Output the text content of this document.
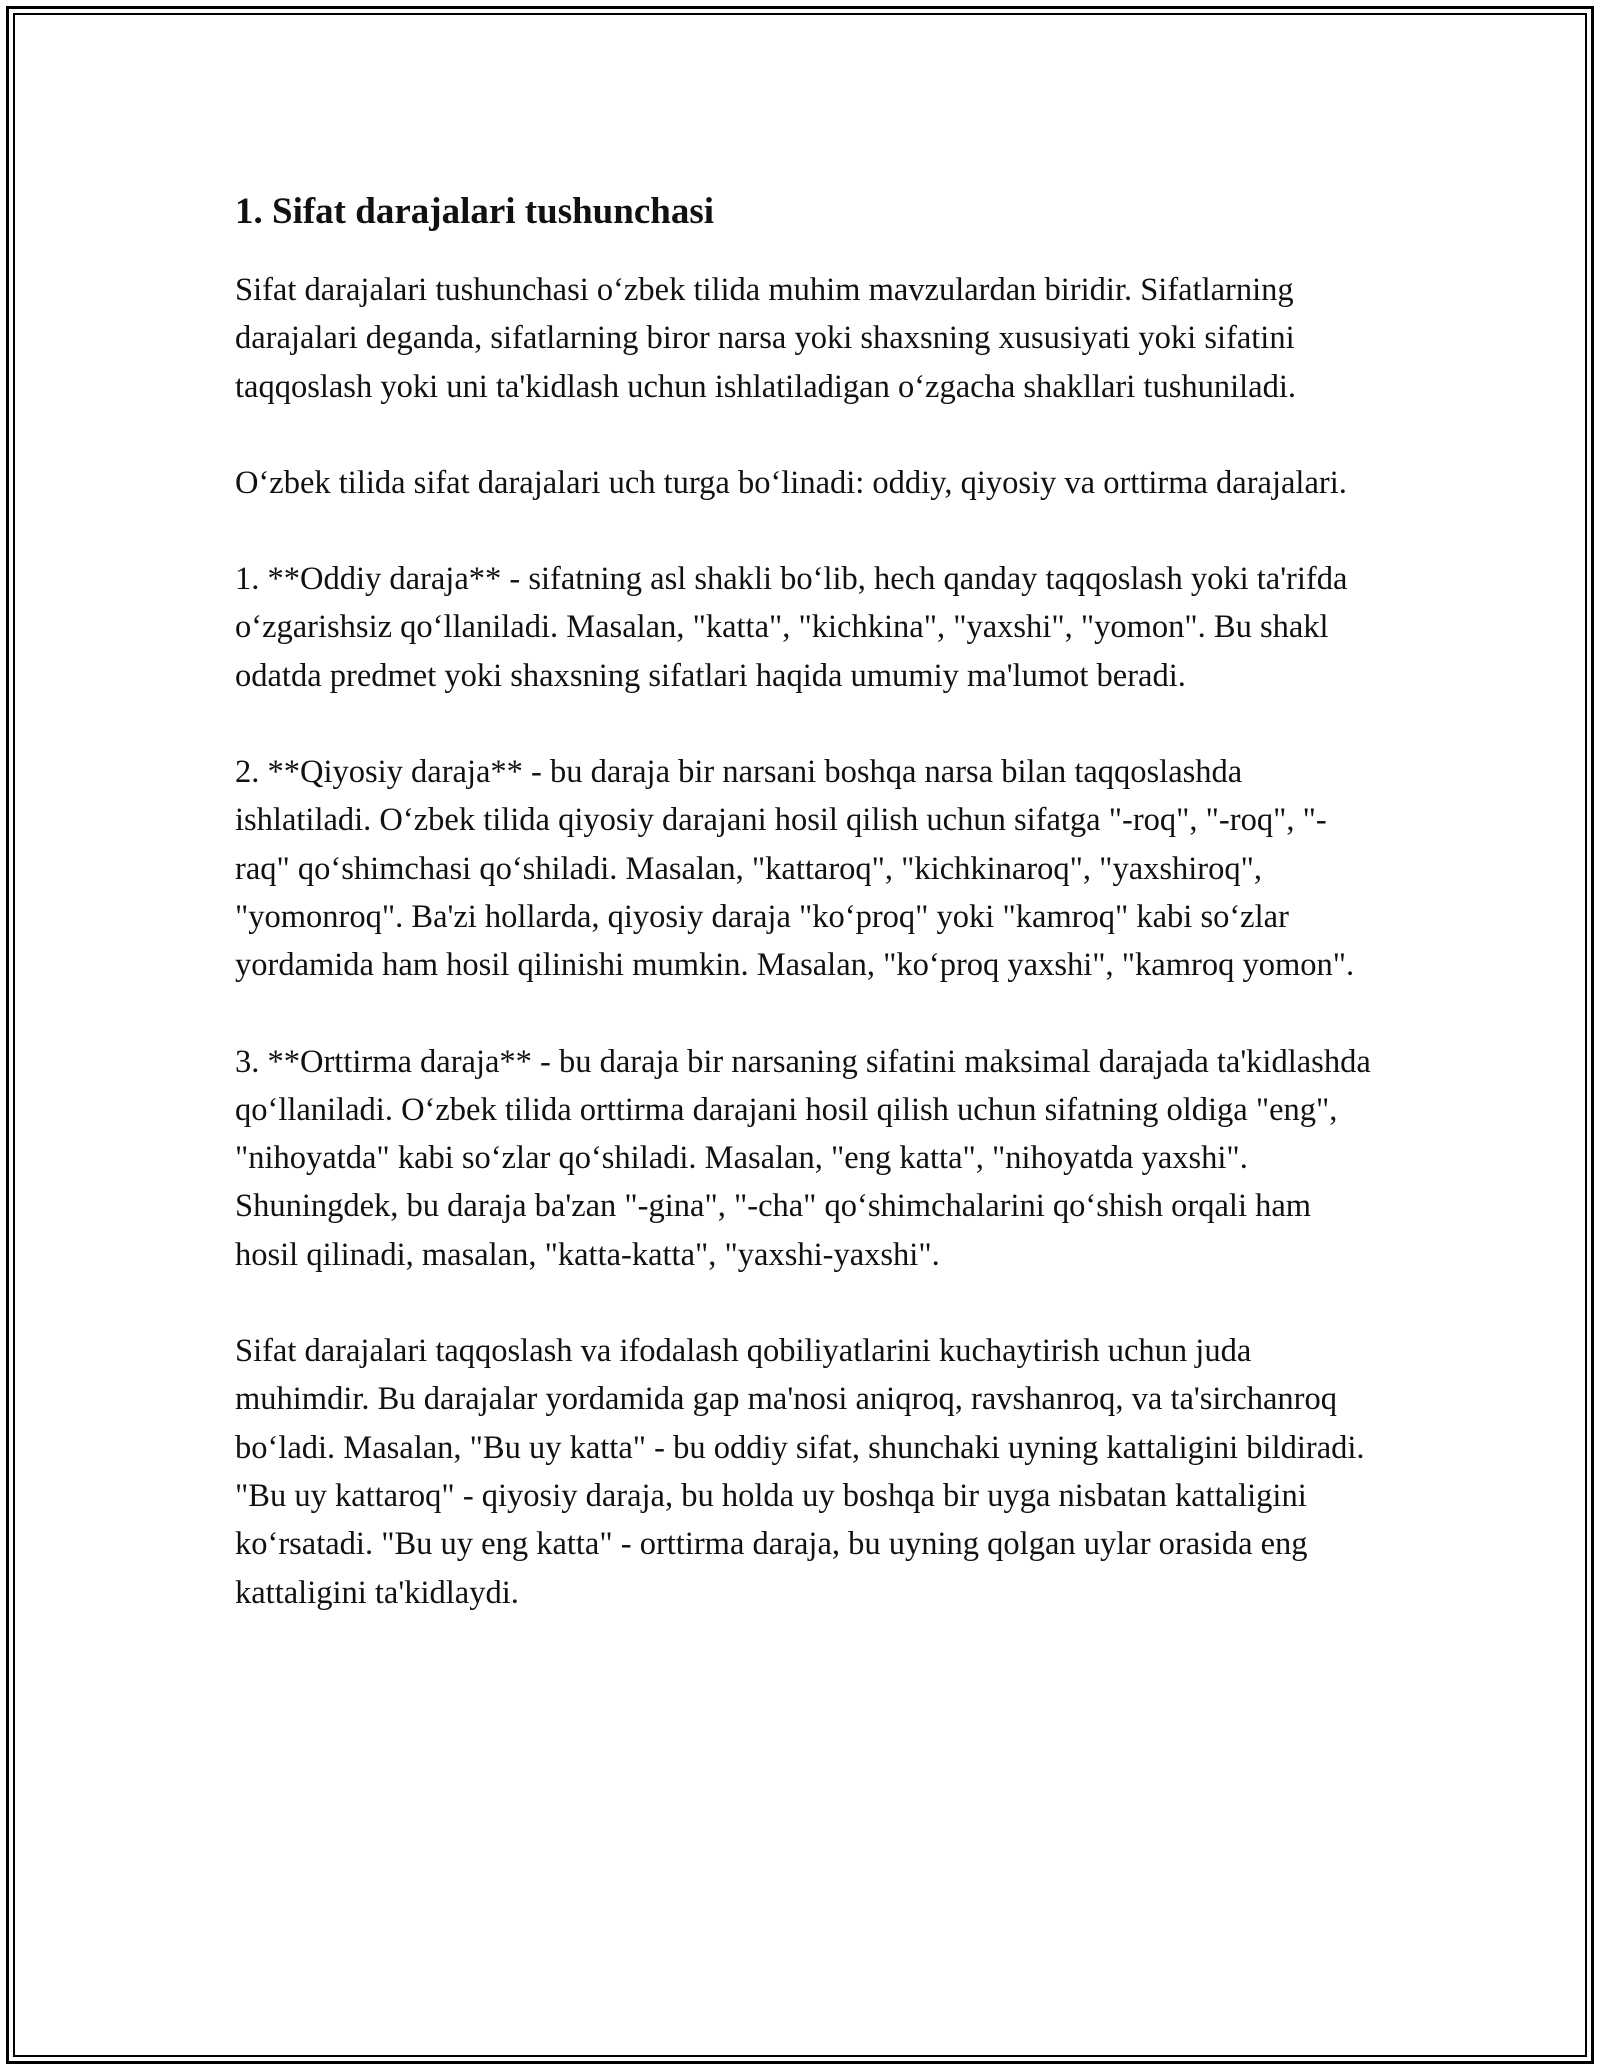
1. Sifat darajalari tushunchasi

Sifat darajalari tushunchasi o‘zbek tilida muhim mavzulardan biridir. Sifatlarning darajalari deganda, sifatlarning biror narsa yoki shaxsning xususiyati yoki sifatini taqqoslash yoki uni ta'kidlash uchun ishlatiladigan o‘zgacha shakllari tushuniladi.

O‘zbek tilida sifat darajalari uch turga bo‘linadi: oddiy, qiyosiy va orttirma darajalari.

1. **Oddiy daraja** - sifatning asl shakli bo‘lib, hech qanday taqqoslash yoki ta'rifda o‘zgarishsiz qo‘llaniladi. Masalan, "katta", "kichkina", "yaxshi", "yomon". Bu shakl odatda predmet yoki shaxsning sifatlari haqida umumiy ma'lumot beradi.

2. **Qiyosiy daraja** - bu daraja bir narsani boshqa narsa bilan taqqoslashda ishlatiladi. O‘zbek tilida qiyosiy darajani hosil qilish uchun sifatga "-roq", "-roq", "-raq" qo‘shimchasi qo‘shiladi. Masalan, "kattaroq", "kichkinaroq", "yaxshiroq", "yomonroq". Ba'zi hollarda, qiyosiy daraja "ko‘proq" yoki "kamroq" kabi so‘zlar yordamida ham hosil qilinishi mumkin. Masalan, "ko‘proq yaxshi", "kamroq yomon".

3. **Orttirma daraja** - bu daraja bir narsaning sifatini maksimal darajada ta'kidlashda qo‘llaniladi. O‘zbek tilida orttirma darajani hosil qilish uchun sifatning oldiga "eng", "nihoyatda" kabi so‘zlar qo‘shiladi. Masalan, "eng katta", "nihoyatda yaxshi". Shuningdek, bu daraja ba'zan "-gina", "-cha" qo‘shimchalarini qo‘shish orqali ham hosil qilinadi, masalan, "katta-katta", "yaxshi-yaxshi".

Sifat darajalari taqqoslash va ifodalash qobiliyatlarini kuchaytirish uchun juda muhimdir. Bu darajalar yordamida gap ma'nosi aniqroq, ravshanroq, va ta'sirchanroq bo‘ladi. Masalan, "Bu uy katta" - bu oddiy sifat, shunchaki uyning kattaligini bildiradi. "Bu uy kattaroq" - qiyosiy daraja, bu holda uy boshqa bir uyga nisbatan kattaligini ko‘rsatadi. "Bu uy eng katta" - orttirma daraja, bu uyning qolgan uylar orasida eng kattaligini ta'kidlaydi.
